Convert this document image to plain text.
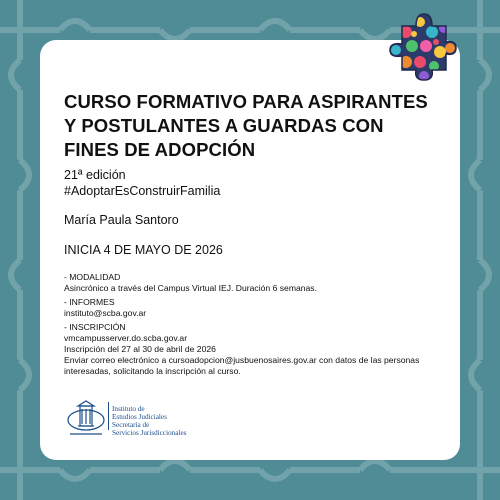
CURSO FORMATIVO PARA ASPIRANTES
Y POSTULANTES A GUARDAS CON
FINES DE ADOPCIÓN
21ª edición
#AdoptarEsConstruirFamilia
María Paula Santoro
INICIA 4 DE MAYO DE 2026
- MODALIDAD
Asincrónico a través del Campus Virtual IEJ. Duración 6 semanas.
- INFORMES
instituto@scba.gov.ar
- INSCRIPCIÓN
vmcampusserver.do.scba.gov.ar
Inscripción del 27 al 30 de abril de 2026
Enviar correo electrónico a cursoadopcion@jusbuenosaires.gov.ar con datos de las personas
interesadas, solicitando la inscripción al curso.
Instituto de
Estudios Judiciales
Secretaría de
Servicios Jurisdiccionales
